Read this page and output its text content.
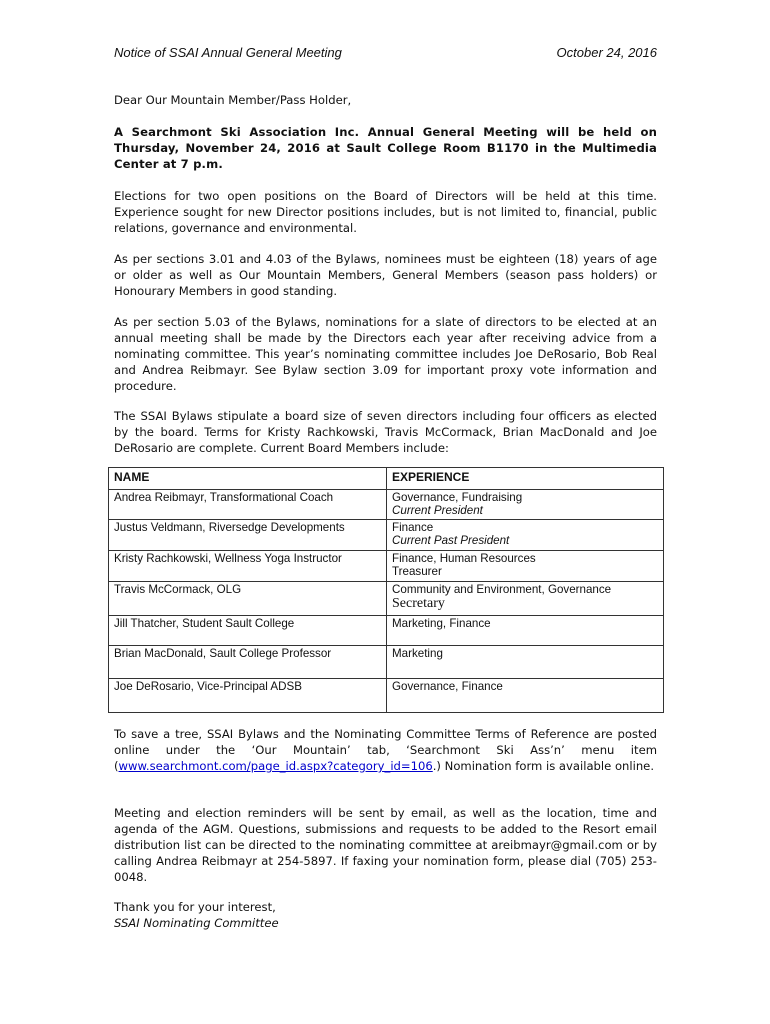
Notice of SSAI Annual General Meeting	October 24, 2016

Dear Our Mountain Member/Pass Holder,

A Searchmont Ski Association Inc. Annual General Meeting will be held on Thursday, November 24, 2016 at Sault College Room B1170 in the Multimedia Center at 7 p.m.

Elections for two open positions on the Board of Directors will be held at this time. Experience sought for new Director positions includes, but is not limited to, financial, public relations, governance and environmental.

As per sections 3.01 and 4.03 of the Bylaws, nominees must be eighteen (18) years of age or older as well as Our Mountain Members, General Members (season pass holders) or Honourary Members in good standing.

As per section 5.03 of the Bylaws, nominations for a slate of directors to be elected at an annual meeting shall be made by the Directors each year after receiving advice from a nominating committee. This year’s nominating committee includes Joe DeRosario, Bob Real and Andrea Reibmayr. See Bylaw section 3.09 for important proxy vote information and procedure.

The SSAI Bylaws stipulate a board size of seven directors including four officers as elected by the board. Terms for Kristy Rachkowski, Travis McCormack, Brian MacDonald and Joe DeRosario are complete. Current Board Members include:

NAME	EXPERIENCE
Andrea Reibmayr, Transformational Coach	Governance, Fundraising
Current President

Justus Veldmann, Riversedge Developments	Finance
Current Past President

Kristy Rachkowski, Wellness Yoga Instructor	Finance, Human Resources
Treasurer

Travis McCormack, OLG	Community and Environment, Governance
Secretary

Jill Thatcher, Student Sault College	Marketing, Finance
Brian MacDonald, Sault College Professor	Marketing
Joe DeRosario, Vice-Principal ADSB	Governance, Finance

To save a tree, SSAI Bylaws and the Nominating Committee Terms of Reference are posted online under the ‘Our Mountain’ tab, ‘Searchmont Ski Ass’n’ menu item (www.searchmont.com/page_id.aspx?category_id=106.) Nomination form is available online.

Meeting and election reminders will be sent by email, as well as the location, time and agenda of the AGM. Questions, submissions and requests to be added to the Resort email distribution list can be directed to the nominating committee at areibmayr@gmail.com or by calling Andrea Reibmayr at 254-5897. If faxing your nomination form, please dial (705) 253-0048.

Thank you for your interest,
SSAI Nominating Committee
